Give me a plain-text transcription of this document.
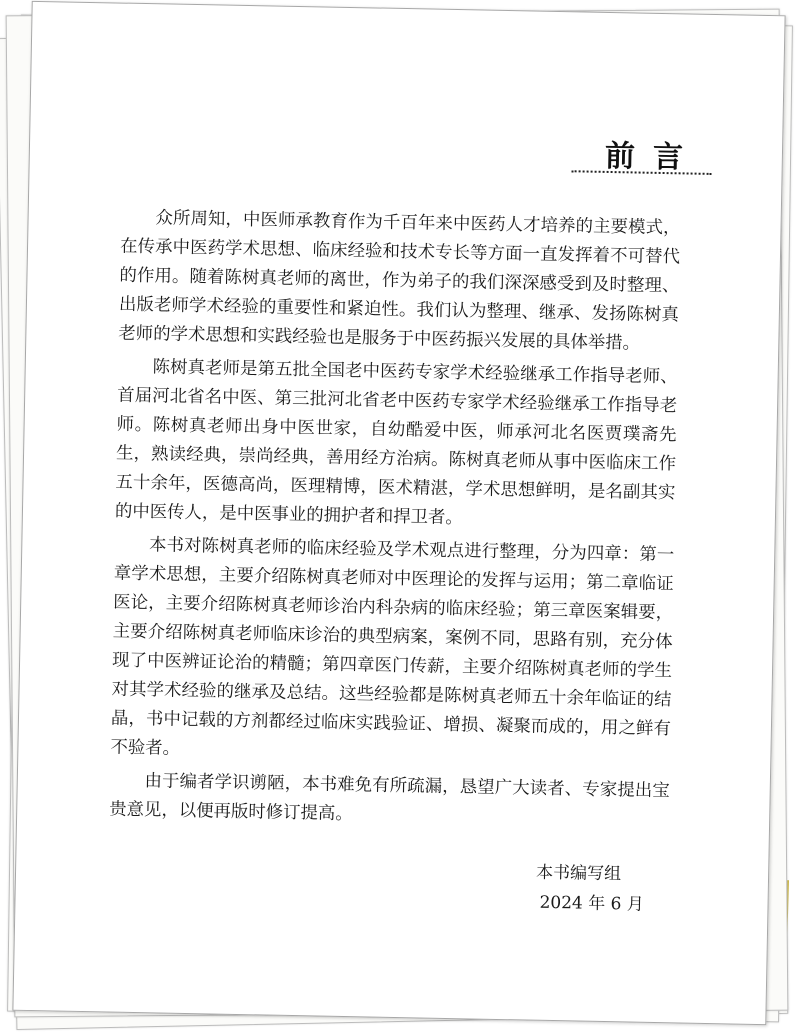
前言

众所周知，中医师承教育作为千百年来中医药人才培养的主要模式，在传承中医药学术思想、临床经验和技术专长等方面一直发挥着不可替代的作用。随着陈树真老师的离世，作为弟子的我们深深感受到及时整理、出版老师学术经验的重要性和紧迫性。我们认为整理、继承、发扬陈树真老师的学术思想和实践经验也是服务于中医药振兴发展的具体举措。

陈树真老师是第五批全国老中医药专家学术经验继承工作指导老师、首届河北省名中医、第三批河北省老中医药专家学术经验继承工作指导老师。陈树真老师出身中医世家，自幼酷爱中医，师承河北名医贾璞斋先生，熟读经典，崇尚经典，善用经方治病。陈树真老师从事中医临床工作五十余年，医德高尚，医理精博，医术精湛，学术思想鲜明，是名副其实的中医传人，是中医事业的拥护者和捍卫者。

本书对陈树真老师的临床经验及学术观点进行整理，分为四章：第一章学术思想，主要介绍陈树真老师对中医理论的发挥与运用；第二章临证医论，主要介绍陈树真老师诊治内科杂病的临床经验；第三章医案辑要，主要介绍陈树真老师临床诊治的典型病案，案例不同，思路有别，充分体现了中医辨证论治的精髓；第四章医门传薪，主要介绍陈树真老师的学生对其学术经验的继承及总结。这些经验都是陈树真老师五十余年临证的结晶，书中记载的方剂都经过临床实践验证、增损、凝聚而成的，用之鲜有不验者。

由于编者学识谫陋，本书难免有所疏漏，恳望广大读者、专家提出宝贵意见，以便再版时修订提高。

本书编写组
2024 年 6 月
